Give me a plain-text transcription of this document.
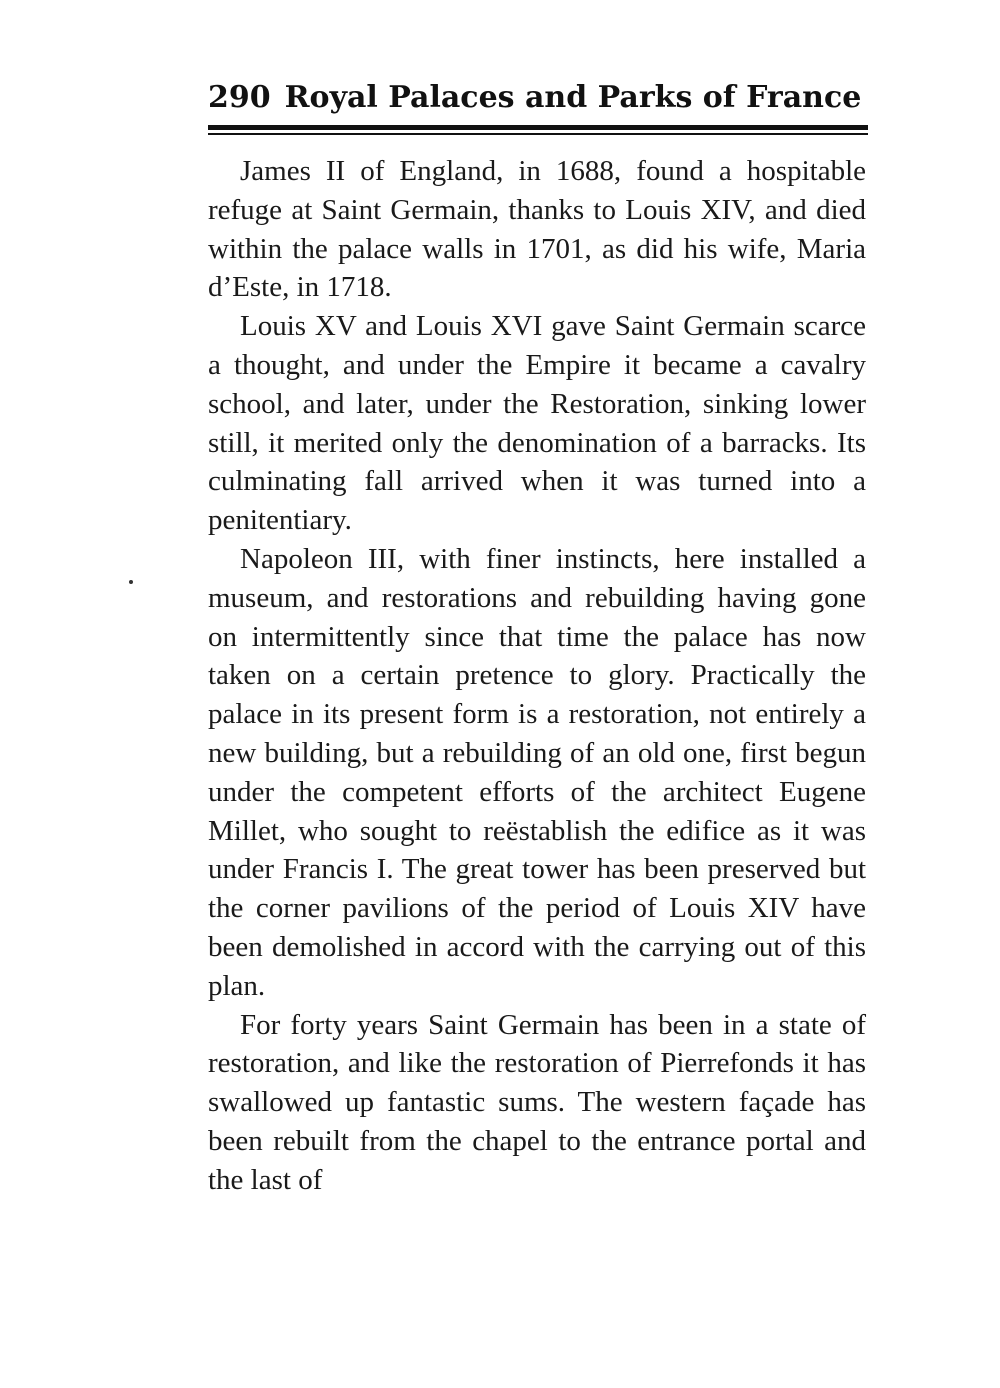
290 Royal Palaces and Parks of France

James II of England, in 1688, found a hospitable refuge at Saint Germain, thanks to Louis XIV, and died within the palace walls in 1701, as did his wife, Maria d’Este, in 1718.

Louis XV and Louis XVI gave Saint Germain scarce a thought, and under the Empire it became a cavalry school, and later, under the Restoration, sinking lower still, it merited only the denomination of a barracks. Its culminating fall arrived when it was turned into a penitentiary.

Napoleon III, with finer instincts, here installed a museum, and restorations and rebuilding having gone on intermittently since that time the palace has now taken on a certain pretence to glory. Practically the palace in its present form is a restoration, not entirely a new building, but a rebuilding of an old one, first begun under the competent efforts of the architect Eugene Millet, who sought to reëstablish the edifice as it was under Francis I. The great tower has been preserved but the corner pavilions of the period of Louis XIV have been demolished in accord with the carrying out of this plan.

For forty years Saint Germain has been in a state of restoration, and like the restoration of Pierrefonds it has swallowed up fantastic sums. The western façade has been rebuilt from the chapel to the entrance portal and the last of
